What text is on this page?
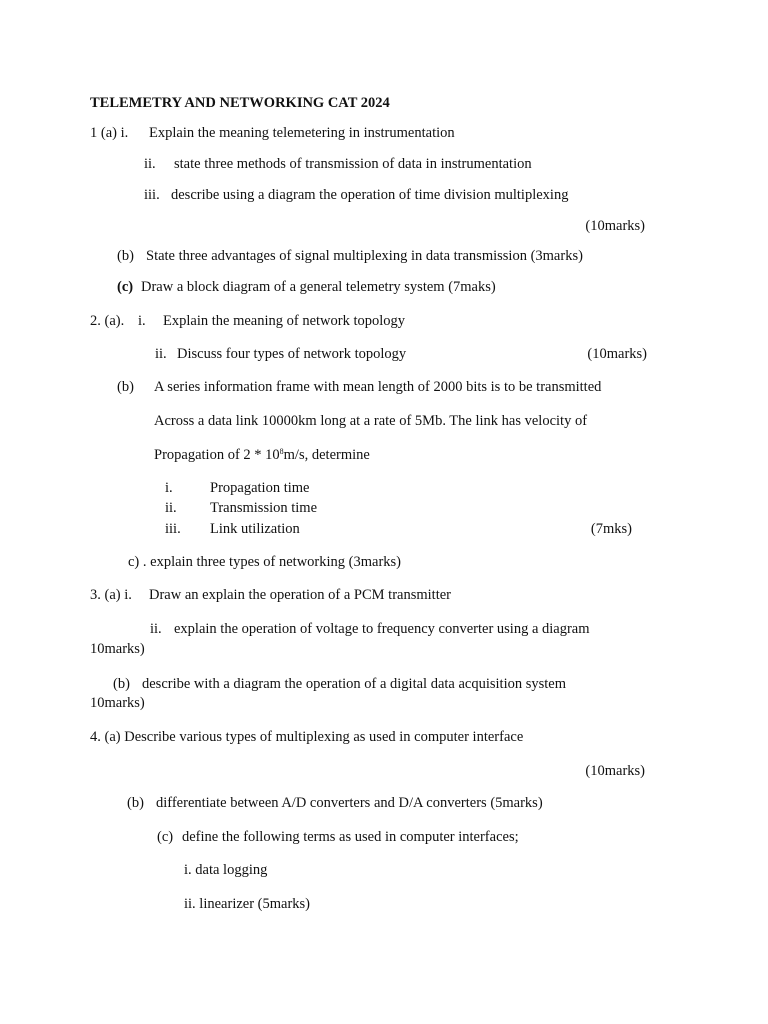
TELEMETRY AND NETWORKING CAT 2024
1 (a) i. Explain the meaning telemetering in instrumentation
ii. state three methods of transmission of data in instrumentation
iii. describe using a diagram the operation of time division multiplexing
(10marks)
(b) State three advantages of signal multiplexing in data transmission (3marks)
(c) Draw a block diagram of a general telemetry system (7maks)
2. (a). i. Explain the meaning of network topology
ii. Discuss four types of network topology	(10marks)
(b) A series information frame with mean length of 2000 bits is to be transmitted
Across a data link 10000km long at a rate of 5Mb. The link has velocity of
Propagation of $2 * 10^8m/s$, determine
i.	Propagation time
ii. Transmission time
iii. Link utilization	(7mks)
c) . explain three types of networking (3marks)
3. (a) i. Draw an explain the operation of a PCM transmitter
ii. explain the operation of voltage to frequency converter using a diagram
10marks)
(b) describe with a diagram the operation of a digital data acquisition system
10marks)
4. (a) Describe various types of multiplexing as used in computer interface
(10marks)
(b) differentiate between A/D converters and D/A converters (5marks)
(c) define the following terms as used in computer interfaces;
i. data logging
ii. linearizer (5marks)
